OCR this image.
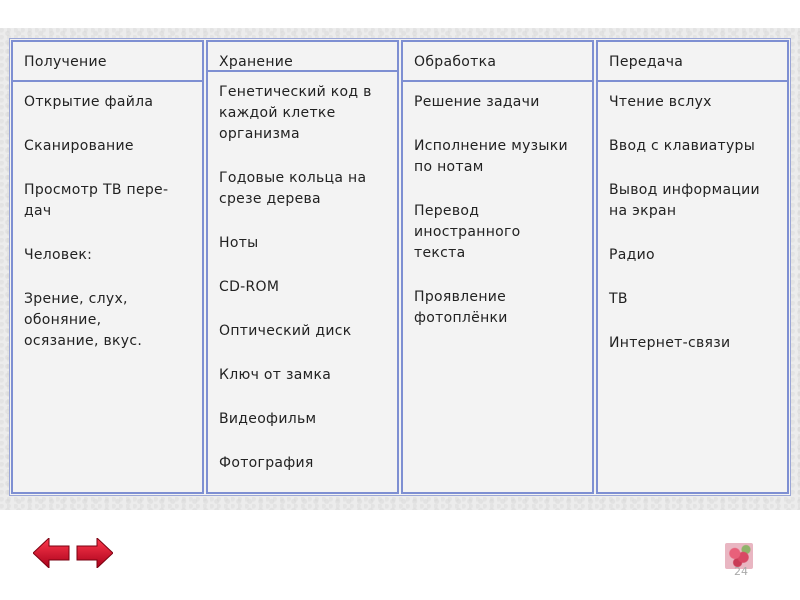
Получение
Открытие файла
Сканирование
Просмотр ТВ пере-дач
Человек:
Зрение, слух, обоняние, осязание, вкус.
Хранение
Генетический код в каждой клетке организма
Годовые кольца на срезе дерева
Ноты
CD-ROM
Оптический диск
Ключ от замка
Видеофильм
Фотография
Обработка
Решение задачи
Исполнение музыки по нотам
Перевод иностранного текста
Проявление фотоплёнки
Передача
Чтение вслух
Ввод с клавиатуры
Вывод информации на экран
Радио
ТВ
Интернет-связи
24
